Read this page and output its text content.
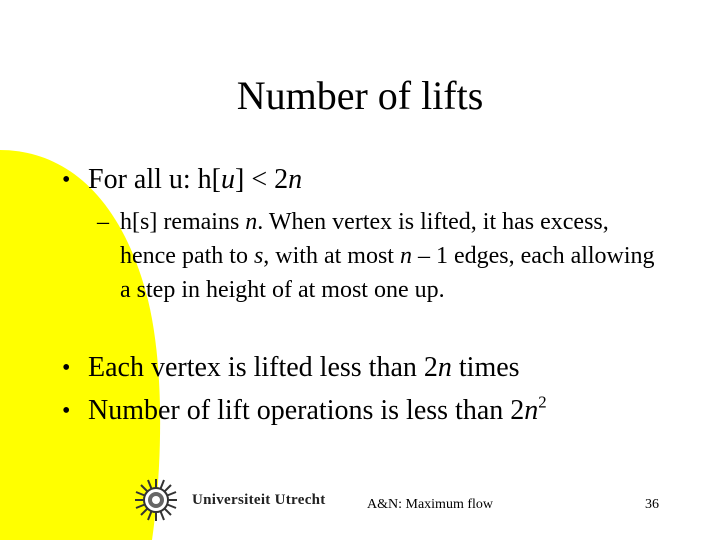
Number of lifts
• For all u: h[u] < 2n
– h[s] remains n. When vertex is lifted, it has excess, hence path to s, with at most n – 1 edges, each allowing a step in height of at most one up.
• Each vertex is lifted less than 2n times
• Number of lift operations is less than $2n^2$
Universiteit Utrecht	A&N: Maximum flow	36
